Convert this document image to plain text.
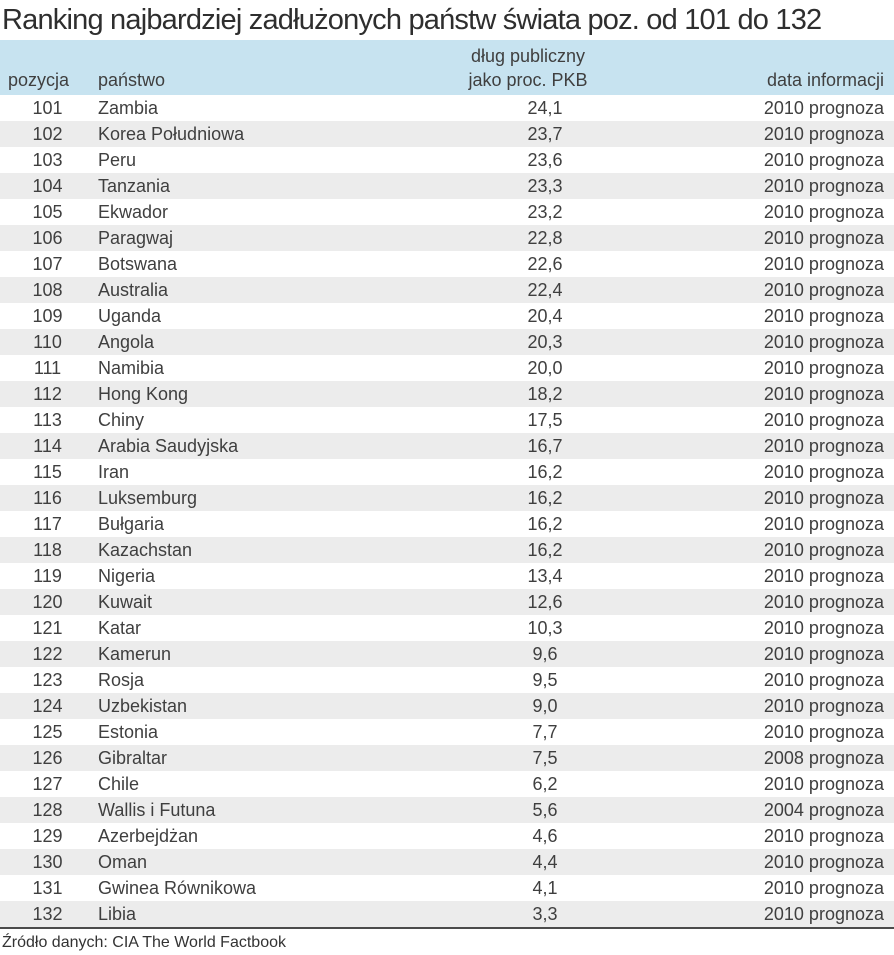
Ranking najbardziej zadłużonych państw świata poz. od 101 do 132
pozycja	państwo	dług publiczny
jako proc. PKB	data informacji
101	Zambia	24,1	2010 prognoza
102	Korea Południowa	23,7	2010 prognoza
103	Peru	23,6	2010 prognoza
104	Tanzania	23,3	2010 prognoza
105	Ekwador	23,2	2010 prognoza
106	Paragwaj	22,8	2010 prognoza
107	Botswana	22,6	2010 prognoza
108	Australia	22,4	2010 prognoza
109	Uganda	20,4	2010 prognoza
110	Angola	20,3	2010 prognoza
111	Namibia	20,0	2010 prognoza
112	Hong Kong	18,2	2010 prognoza
113	Chiny	17,5	2010 prognoza
114	Arabia Saudyjska	16,7	2010 prognoza
115	Iran	16,2	2010 prognoza
116	Luksemburg	16,2	2010 prognoza
117	Bułgaria	16,2	2010 prognoza
118	Kazachstan	16,2	2010 prognoza
119	Nigeria	13,4	2010 prognoza
120	Kuwait	12,6	2010 prognoza
121	Katar	10,3	2010 prognoza
122	Kamerun	9,6	2010 prognoza
123	Rosja	9,5	2010 prognoza
124	Uzbekistan	9,0	2010 prognoza
125	Estonia	7,7	2010 prognoza
126	Gibraltar	7,5	2008 prognoza
127	Chile	6,2	2010 prognoza
128	Wallis i Futuna	5,6	2004 prognoza
129	Azerbejdżan	4,6	2010 prognoza
130	Oman	4,4	2010 prognoza
131	Gwinea Równikowa	4,1	2010 prognoza
132	Libia	3,3	2010 prognoza
Źródło danych: CIA The World Factbook
